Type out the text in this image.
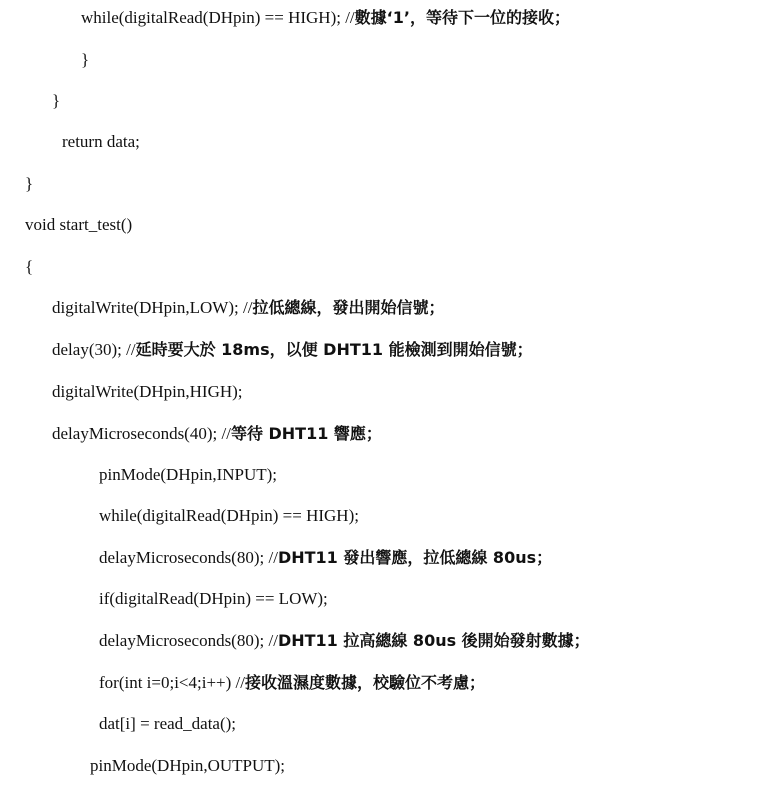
while(digitalRead(DHpin) == HIGH); //數據‘1’，等待下一位的接收；
}
}
return data;
}
void start_test()
{
digitalWrite(DHpin,LOW); //拉低總線，發出開始信號；
delay(30); //延時要大於 18ms，以便 DHT11 能檢測到開始信號；
digitalWrite(DHpin,HIGH);
delayMicroseconds(40); //等待 DHT11 響應；
pinMode(DHpin,INPUT);
while(digitalRead(DHpin) == HIGH);
delayMicroseconds(80); //DHT11 發出響應，拉低總線 80us；
if(digitalRead(DHpin) == LOW);
delayMicroseconds(80); //DHT11 拉高總線 80us 後開始發射數據；
for(int i=0;i<4;i++) //接收溫濕度數據，校驗位不考慮；
dat[i] = read_data();
pinMode(DHpin,OUTPUT);
